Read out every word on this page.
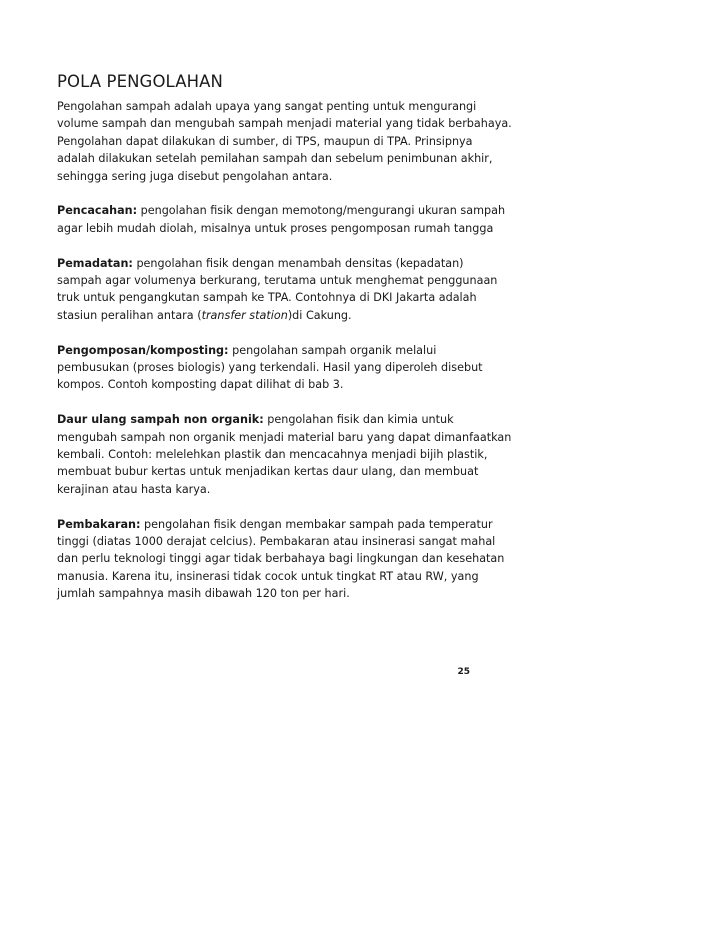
POLA PENGOLAHAN

Pengolahan sampah adalah upaya yang sangat penting untuk mengurangi
volume sampah dan mengubah sampah menjadi material yang tidak berbahaya.
Pengolahan dapat dilakukan di sumber, di TPS, maupun di TPA. Prinsipnya
adalah dilakukan setelah pemilahan sampah dan sebelum penimbunan akhir,
sehingga sering juga disebut pengolahan antara.

Pencacahan: pengolahan fisik dengan memotong/mengurangi ukuran sampah
agar lebih mudah diolah, misalnya untuk proses pengomposan rumah tangga

Pemadatan: pengolahan fisik dengan menambah densitas (kepadatan)
sampah agar volumenya berkurang, terutama untuk menghemat penggunaan
truk untuk pengangkutan sampah ke TPA. Contohnya di DKI Jakarta adalah
stasiun peralihan antara (transfer station)di Cakung.

Pengomposan/komposting: pengolahan sampah organik melalui
pembusukan (proses biologis) yang terkendali. Hasil yang diperoleh disebut
kompos. Contoh komposting dapat dilihat di bab 3.

Daur ulang sampah non organik: pengolahan fisik dan kimia untuk
mengubah sampah non organik menjadi material baru yang dapat dimanfaatkan
kembali. Contoh: melelehkan plastik dan mencacahnya menjadi bijih plastik,
membuat bubur kertas untuk menjadikan kertas daur ulang, dan membuat
kerajinan atau hasta karya.

Pembakaran: pengolahan fisik dengan membakar sampah pada temperatur
tinggi (diatas 1000 derajat celcius). Pembakaran atau insinerasi sangat mahal
dan perlu teknologi tinggi agar tidak berbahaya bagi lingkungan dan kesehatan
manusia. Karena itu, insinerasi tidak cocok untuk tingkat RT atau RW, yang
jumlah sampahnya masih dibawah 120 ton per hari.

25
